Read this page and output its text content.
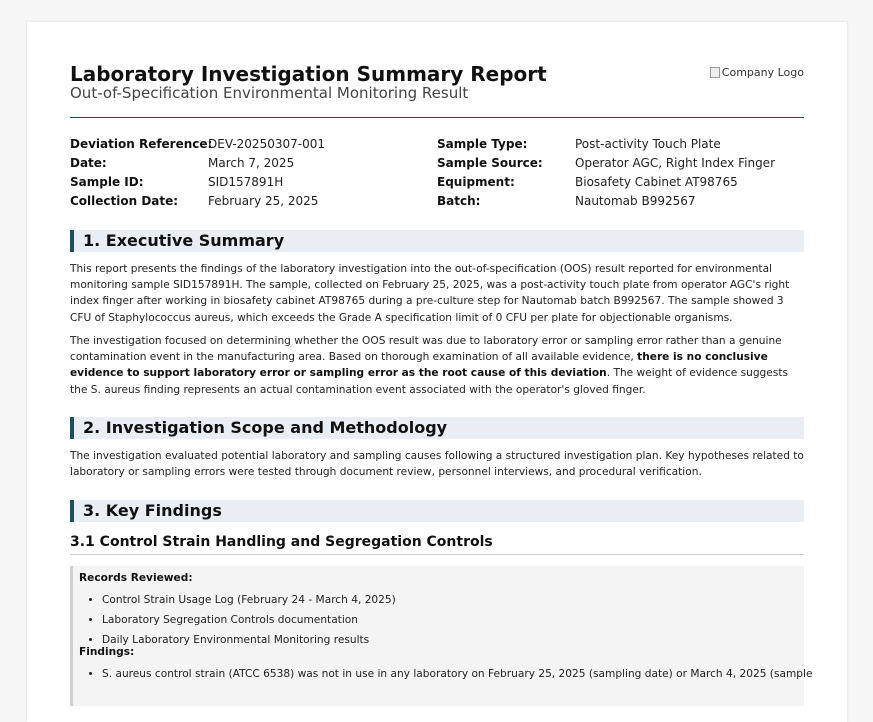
Laboratory Investigation Summary Report
Out-of-Specification Environmental Monitoring Result
Company Logo
Deviation Reference:
DEV-20250307-001
Date:	March 7, 2025
Sample ID:	SID157891H
Collection Date:	February 25, 2025
Sample Type:	Post-activity Touch Plate
Sample Source:	Operator AGC, Right Index Finger
Equipment:	Biosafety Cabinet AT98765
Batch:	Nautomab B992567
1. Executive Summary
This report presents the findings of the laboratory investigation into the out-of-specification (OOS) result reported for environmental monitoring sample SID157891H. The sample, collected on February 25, 2025, was a post-activity touch plate from operator AGC's right index finger after working in biosafety cabinet AT98765 during a pre-culture step for Nautomab batch B992567. The sample showed 3 CFU of Staphylococcus aureus, which exceeds the Grade A specification limit of 0 CFU per plate for objectionable organisms.
The investigation focused on determining whether the OOS result was due to laboratory error or sampling error rather than a genuine contamination event in the manufacturing area. Based on thorough examination of all available evidence, there is no conclusive evidence to support laboratory error or sampling error as the root cause of this deviation. The weight of evidence suggests the S. aureus finding represents an actual contamination event associated with the operator's gloved finger.
2. Investigation Scope and Methodology
The investigation evaluated potential laboratory and sampling causes following a structured investigation plan. Key hypotheses related to laboratory or sampling errors were tested through document review, personnel interviews, and procedural verification.
3. Key Findings
3.1 Control Strain Handling and Segregation Controls
Records Reviewed:
• Control Strain Usage Log (February 24 - March 4, 2025)
• Laboratory Segregation Controls documentation
• Daily Laboratory Environmental Monitoring results
Findings:
• S. aureus control strain (ATCC 6538) was not in use in any laboratory on February 25, 2025 (sampling date) or March 4, 2025 (sample
